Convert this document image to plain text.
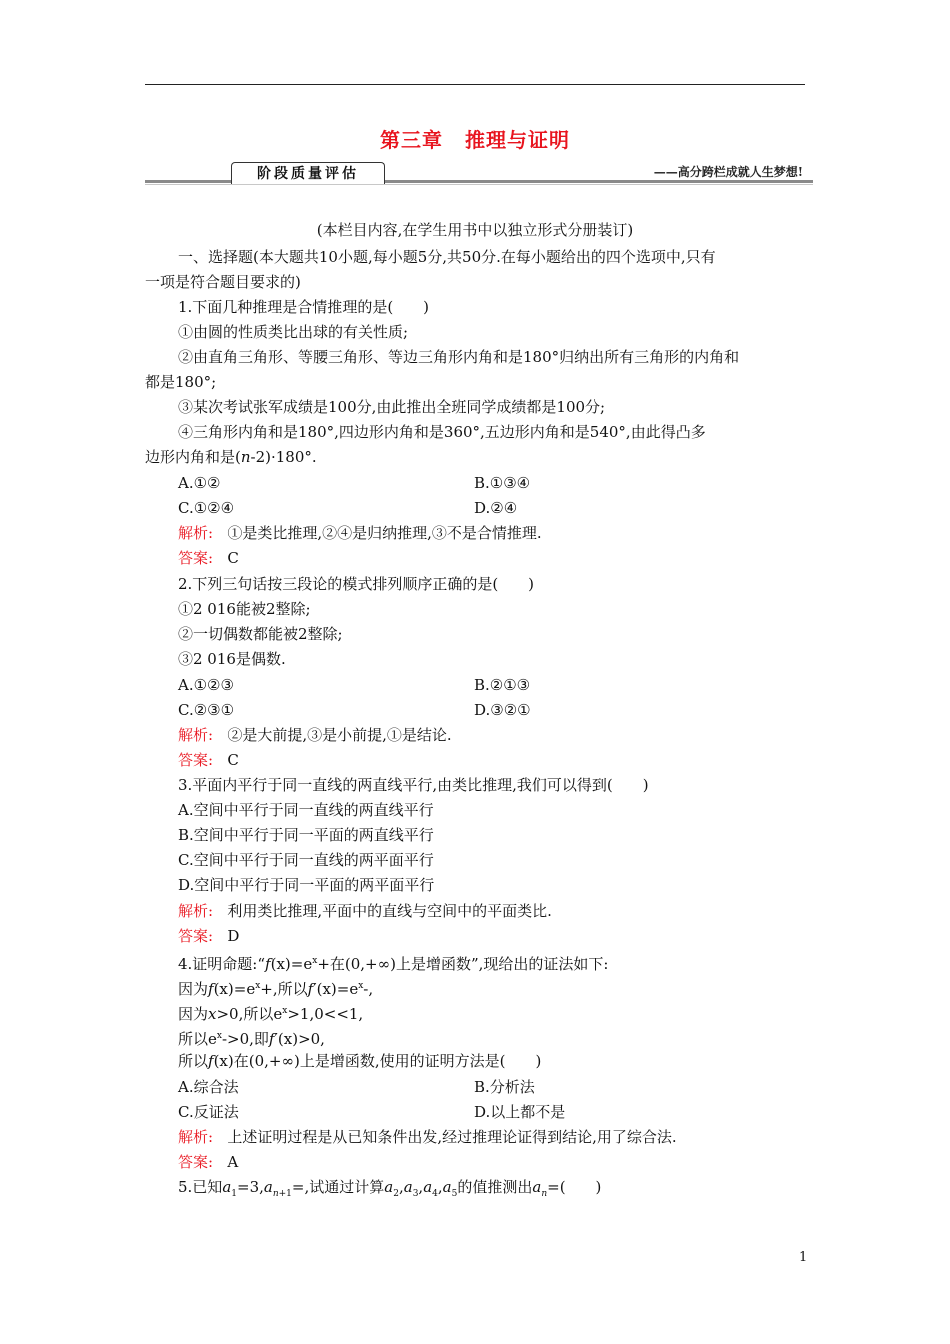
第三章 推理与证明
阶段质量评估	——高分跨栏成就人生梦想!
(本栏目内容,在学生用书中以独立形式分册装订)
一、选择题(本大题共10小题,每小题5分,共50分.在每小题给出的四个选项中,只有
一项是符合题目要求的)
1.下面几种推理是合情推理的是(　　)
①由圆的性质类比出球的有关性质;
②由直角三角形、等腰三角形、等边三角形内角和是180°归纳出所有三角形的内角和
都是180°;
③某次考试张军成绩是100分,由此推出全班同学成绩都是100分;
④三角形内角和是180°,四边形内角和是360°,五边形内角和是540°,由此得凸多
边形内角和是(n-2)·180°.
A.①②	B.①③④
C.①②④	D.②④
解析: ①是类比推理,②④是归纳推理,③不是合情推理.
答案: C
2.下列三句话按三段论的模式排列顺序正确的是(　　)
①2 016能被2整除;
②一切偶数都能被2整除;
③2 016是偶数.
A.①②③	B.②①③
C.②③①	D.③②①
解析: ②是大前提,③是小前提,①是结论.
答案: C
3.平面内平行于同一直线的两直线平行,由类比推理,我们可以得到(　　)
A.空间中平行于同一直线的两直线平行
B.空间中平行于同一平面的两直线平行
C.空间中平行于同一直线的两平面平行
D.空间中平行于同一平面的两平面平行
解析: 利用类比推理,平面中的直线与空间中的平面类比.
答案: D
4.证明命题$:“f(x)=e^x+$在(0,+∞)上是增函数”,现给出的证法如下:
因为$f(x)=e^x+$,所以$f'(x)=e^x-$,
因为x>0,所以$e^x>1,0<<1$,
所以$e^x->0$,即f′(x)>0,
所以f(x)在(0,+∞)上是增函数,使用的证明方法是(　　)
A.综合法	B.分析法
C.反证法	D.以上都不是
解析: 上述证明过程是从已知条件出发,经过推理论证得到结论,用了综合法.
答案: A
5.已知$a_1=3,a_{n+1}=$,试通过计算$a_2,a_3,a_4,a_5$的值推测出$a_n=$(　　)
1
